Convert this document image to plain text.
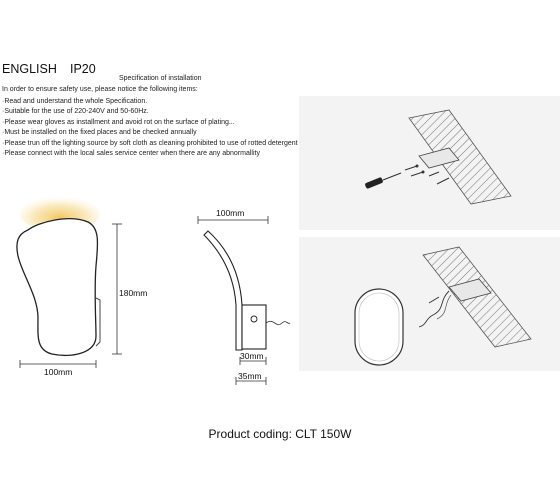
ENGLISH IP20
Specification of installation
In order to ensure safety use, please notice the following items:
·Read and understand the whole Specification.
·Suitable for the use of 220-240V and 50-60Hz.
·Please wear gloves as installment and avoid rot on the surface of plating...
·Must be installed on the fixed places and be checked annually
·Please trun off the lighting source by soft cloth as cleaning prohibited to use of rotted detergent
·Please connect with the local sales service center when there are any abnormallity
180mm
100mm
100mm
30mm
35mm
Product coding: CLT 150W
